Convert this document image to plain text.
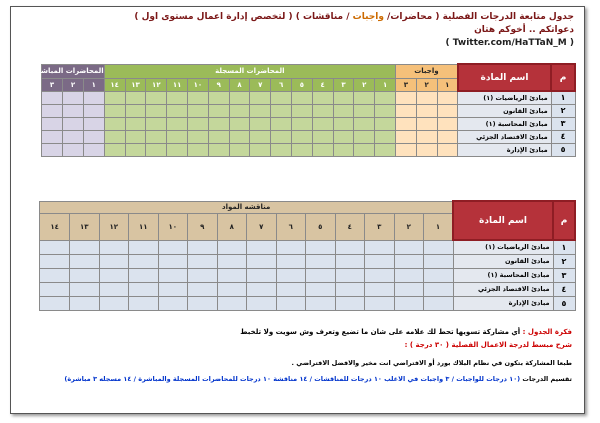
جدول متابعة الدرجات الفصلية ( محاضرات/ واجبات / مناقشات ) ( لتخصص إدارة اعمال مستوى اول )
دعواتكم .. أخوكم هتان
( Twitter.com/HaTTaN_M )
م	اسم المادة	واجبات			المحاضرات المسجلة														المحاضرات المباشرة		
		١	٢	٣	١	٢	٣	٤	٥	٦	٧	٨	٩	١٠	١١	١٢	١٣	١٤	١	٢	٣
١	مبادئ الرياضيات (١)																				
٢	مبادئ القانون																				
٣	مبادئ المحاسبة (١)																				
٤	مبادئ الاقتصاد الجزئي																				
٥	مبادئ الإدارة																				
م	اسم المادة	مناقشه المواد													
		١	٢	٣	٤	٥	٦	٧	٨	٩	١٠	١١	١٢	١٣	١٤
١	مبادئ الرياضيات (١)														
٢	مبادئ القانون														
٣	مبادئ المحاسبة (١)														
٤	مبادئ الاقتصاد الجزئي														
٥	مبادئ الإدارة														
فكرة الجدول : أي مشاركة تسويها تحط لك علامه على شان ما تضيع وتعرف وش سويت ولا تلخبط
شرح مبسط لدرجة الاعمال الفصلية ( ٣٠ درجة ) :
طبعا المشاركة بتكون في نظام البلاك بورد أو الافتراضي انت مخير والافضل الافتراضي .
تقسيم الدرجات (١٠ درجات للواجبات / ٣ واجبات في الاغلب ١٠ درجات للمناقشات / ١٤ مناقشة ١٠ درجات للمحاضرات المسجلة والمباشرة / ١٤ مسجله ٣ مباشرة)
